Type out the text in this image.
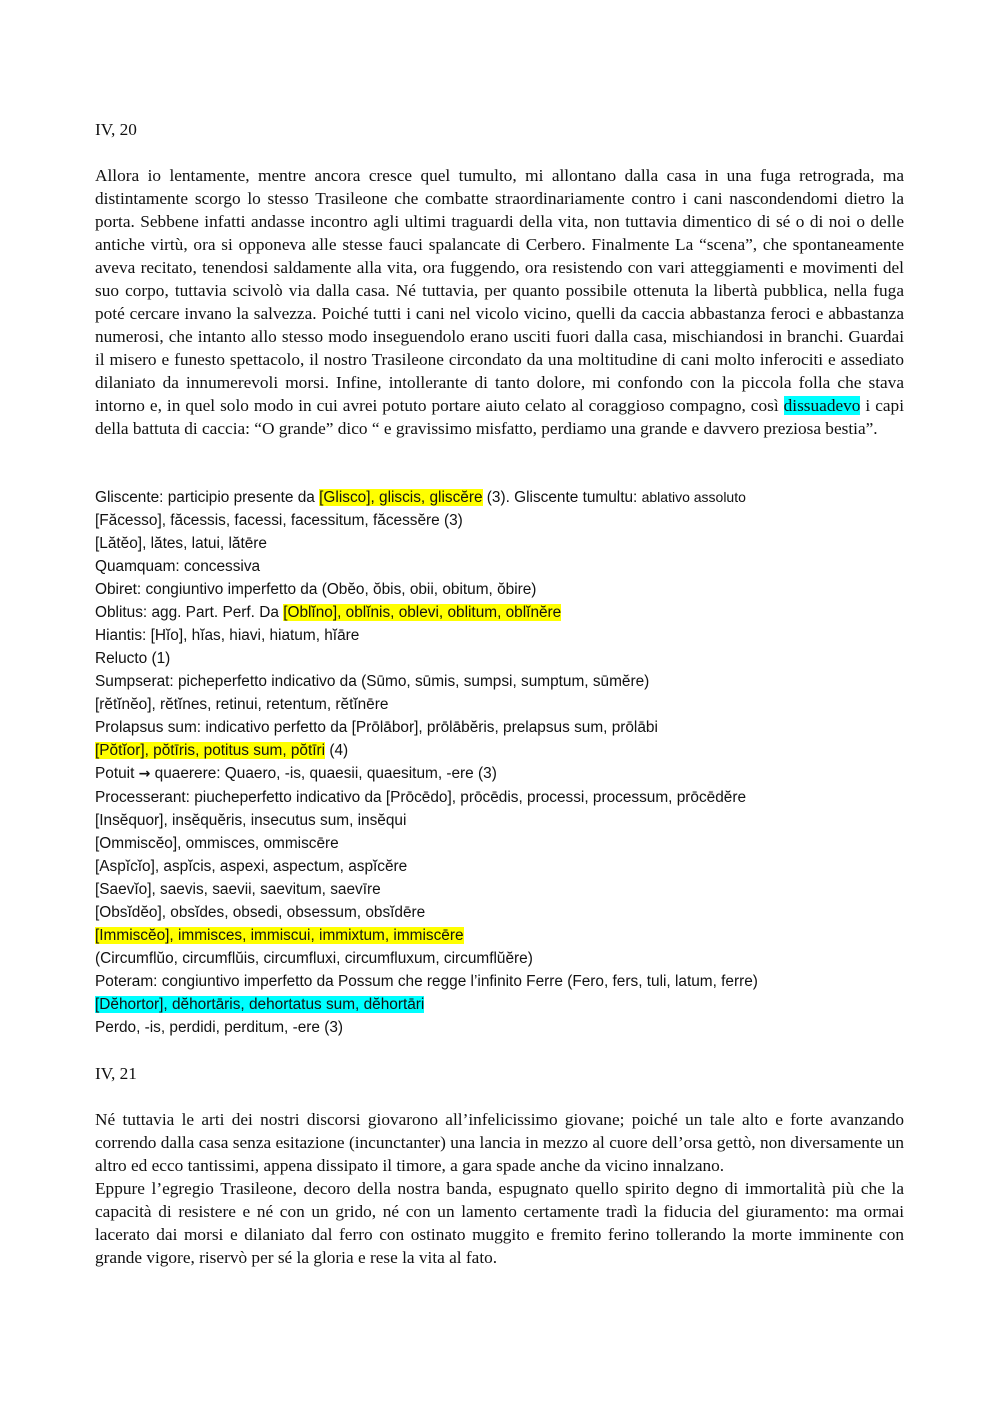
IV, 20

Allora io lentamente, mentre ancora cresce quel tumulto, mi allontano dalla casa in una fuga retrograda, ma distintamente scorgo lo stesso Trasileone che combatte straordinariamente contro i cani nascondendomi dietro la porta. Sebbene infatti andasse incontro agli ultimi traguardi della vita, non tuttavia dimentico di sé o di noi o delle antiche virtù, ora si opponeva alle stesse fauci spalancate di Cerbero. Finalmente La “scena”, che spontaneamente aveva recitato, tenendosi saldamente alla vita, ora fuggendo, ora resistendo con vari atteggiamenti e movimenti del suo corpo, tuttavia scivolò via dalla casa. Né tuttavia, per quanto possibile ottenuta la libertà pubblica, nella fuga poté cercare invano la salvezza. Poiché tutti i cani nel vicolo vicino, quelli da caccia abbastanza feroci e abbastanza numerosi, che intanto allo stesso modo inseguendolo erano usciti fuori dalla casa, mischiandosi in branchi. Guardai il misero e funesto spettacolo, il nostro Trasileone circondato da una moltitudine di cani molto inferociti e assediato dilaniato da innumerevoli morsi. Infine, intollerante di tanto dolore, mi confondo con la piccola folla che stava intorno e, in quel solo modo in cui avrei potuto portare aiuto celato al coraggioso compagno, così dissuadevo i capi della battuta di caccia: “O grande” dico “ e gravissimo misfatto, perdiamo una grande e davvero preziosa bestia”.

Gliscente: participio presente da [Glisco], gliscis, gliscĕre (3). Gliscente tumultu: ablativo assoluto
[Făcesso], făcessis, facessi, facessitum, făcessĕre (3)
[Lătĕo], lătes, latui, lătēre
Quamquam: concessiva
Obiret: congiuntivo imperfetto da (Obĕo, ŏbis, obii, obitum, ŏbire)
Oblitus: agg. Part. Perf. Da [Oblĭno], oblĭnis, oblevi, oblitum, oblĭnĕre
Hiantis: [Hĭo], hĭas, hiavi, hiatum, hĭāre
Relucto (1)
Sumpserat: picheperfetto indicativo da (Sūmo, sūmis, sumpsi, sumptum, sūmĕre)
[rĕtĭnĕo], rĕtĭnes, retinui, retentum, rĕtĭnēre
Prolapsus sum: indicativo perfetto da [Prōlābor], prōlābĕris, prelapsus sum, prōlābi
[Pŏtĭor], pŏtīris, potitus sum, pŏtīri (4)
Potuit → quaerere: Quaero, -is, quaesii, quaesitum, -ere (3)
Processerant: piucheperfetto indicativo da [Prōcēdo], prōcēdis, processi, processum, prōcēdĕre
[Insĕquor], insĕquĕris, insecutus sum, insĕqui
[Ommiscĕo], ommisces, ommiscēre
[Aspĭcĭo], aspĭcis, aspexi, aspectum, aspĭcĕre
[Saevĭo], saevis, saevii, saevitum, saevīre
[Obsĭdĕo], obsĭdes, obsedi, obsessum, obsĭdēre
[Immiscĕo], immisces, immiscui, immixtum, immiscēre
(Circumflŭo, circumflŭis, circumfluxi, circumfluxum, circumflŭĕre)
Poteram: congiuntivo imperfetto da Possum che regge l’infinito Ferre (Fero, fers, tuli, latum, ferre)
[Dĕhortor], dĕhortāris, dehortatus sum, dĕhortāri
Perdo, -is, perdidi, perditum, -ere (3)

IV, 21

Né tuttavia le arti dei nostri discorsi giovarono all’infelicissimo giovane; poiché un tale alto e forte avanzando correndo dalla casa senza esitazione (incunctanter) una lancia in mezzo al cuore dell’orsa gettò, non diversamente un altro ed ecco tantissimi, appena dissipato il timore, a gara spade anche da vicino innalzano.

Eppure l’egregio Trasileone, decoro della nostra banda, espugnato quello spirito degno di immortalità più che la capacità di resistere e né con un grido, né con un lamento certamente tradì la fiducia del giuramento: ma ormai lacerato dai morsi e dilaniato dal ferro con ostinato muggito e fremito ferino tollerando la morte imminente con grande vigore, riservò per sé la gloria e rese la vita al fato.
